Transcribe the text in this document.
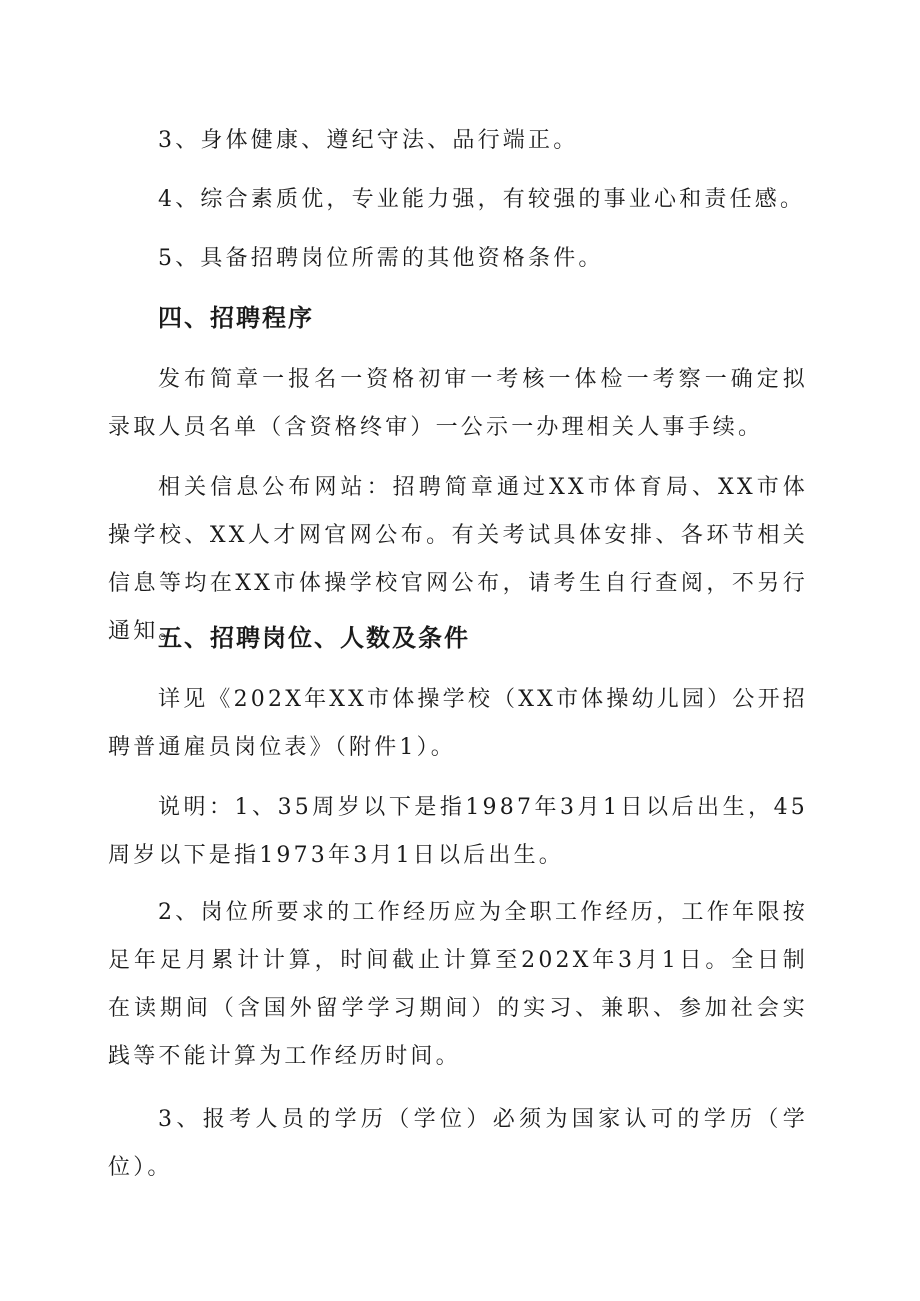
3、身体健康、遵纪守法、品行端正。

4、综合素质优，专业能力强，有较强的事业心和责任感。

5、具备招聘岗位所需的其他资格条件。

四、招聘程序

发布简章一报名一资格初审一考核一体检一考察一确定拟录取人员名单（含资格终审）一公示一办理相关人事手续。

相关信息公布网站：招聘简章通过XX市体育局、XX市体操学校、XX人才网官网公布。有关考试具体安排、各环节相关信息等均在XX市体操学校官网公布，请考生自行查阅，不另行通知。

五、招聘岗位、人数及条件

详见《202X年XX市体操学校（XX市体操幼儿园）公开招聘普通雇员岗位表》（附件1）。

说明：1、35周岁以下是指1987年3月1日以后出生，45周岁以下是指1973年3月1日以后出生。

2、岗位所要求的工作经历应为全职工作经历，工作年限按足年足月累计计算，时间截止计算至202X年3月1日。全日制在读期间（含国外留学学习期间）的实习、兼职、参加社会实践等不能计算为工作经历时间。

3、报考人员的学历（学位）必须为国家认可的学历（学位）。
